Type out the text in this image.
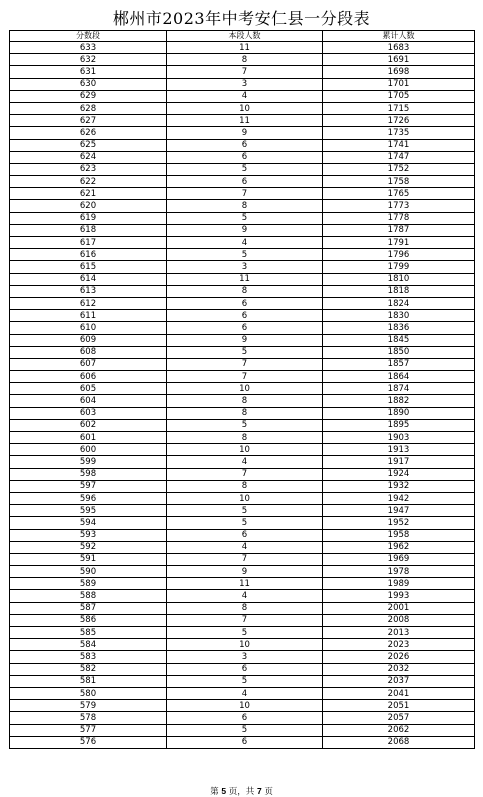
郴州市2023年中考安仁县一分段表
分数段	本段人数	累计人数
633	11	1683
632	8	1691
631	7	1698
630	3	1701
629	4	1705
628	10	1715
627	11	1726
626	9	1735
625	6	1741
624	6	1747
623	5	1752
622	6	1758
621	7	1765
620	8	1773
619	5	1778
618	9	1787
617	4	1791
616	5	1796
615	3	1799
614	11	1810
613	8	1818
612	6	1824
611	6	1830
610	6	1836
609	9	1845
608	5	1850
607	7	1857
606	7	1864
605	10	1874
604	8	1882
603	8	1890
602	5	1895
601	8	1903
600	10	1913
599	4	1917
598	7	1924
597	8	1932
596	10	1942
595	5	1947
594	5	1952
593	6	1958
592	4	1962
591	7	1969
590	9	1978
589	11	1989
588	4	1993
587	8	2001
586	7	2008
585	5	2013
584	10	2023
583	3	2026
582	6	2032
581	5	2037
580	4	2041
579	10	2051
578	6	2057
577	5	2062
576	6	2068
第 5 页，共 7 页
